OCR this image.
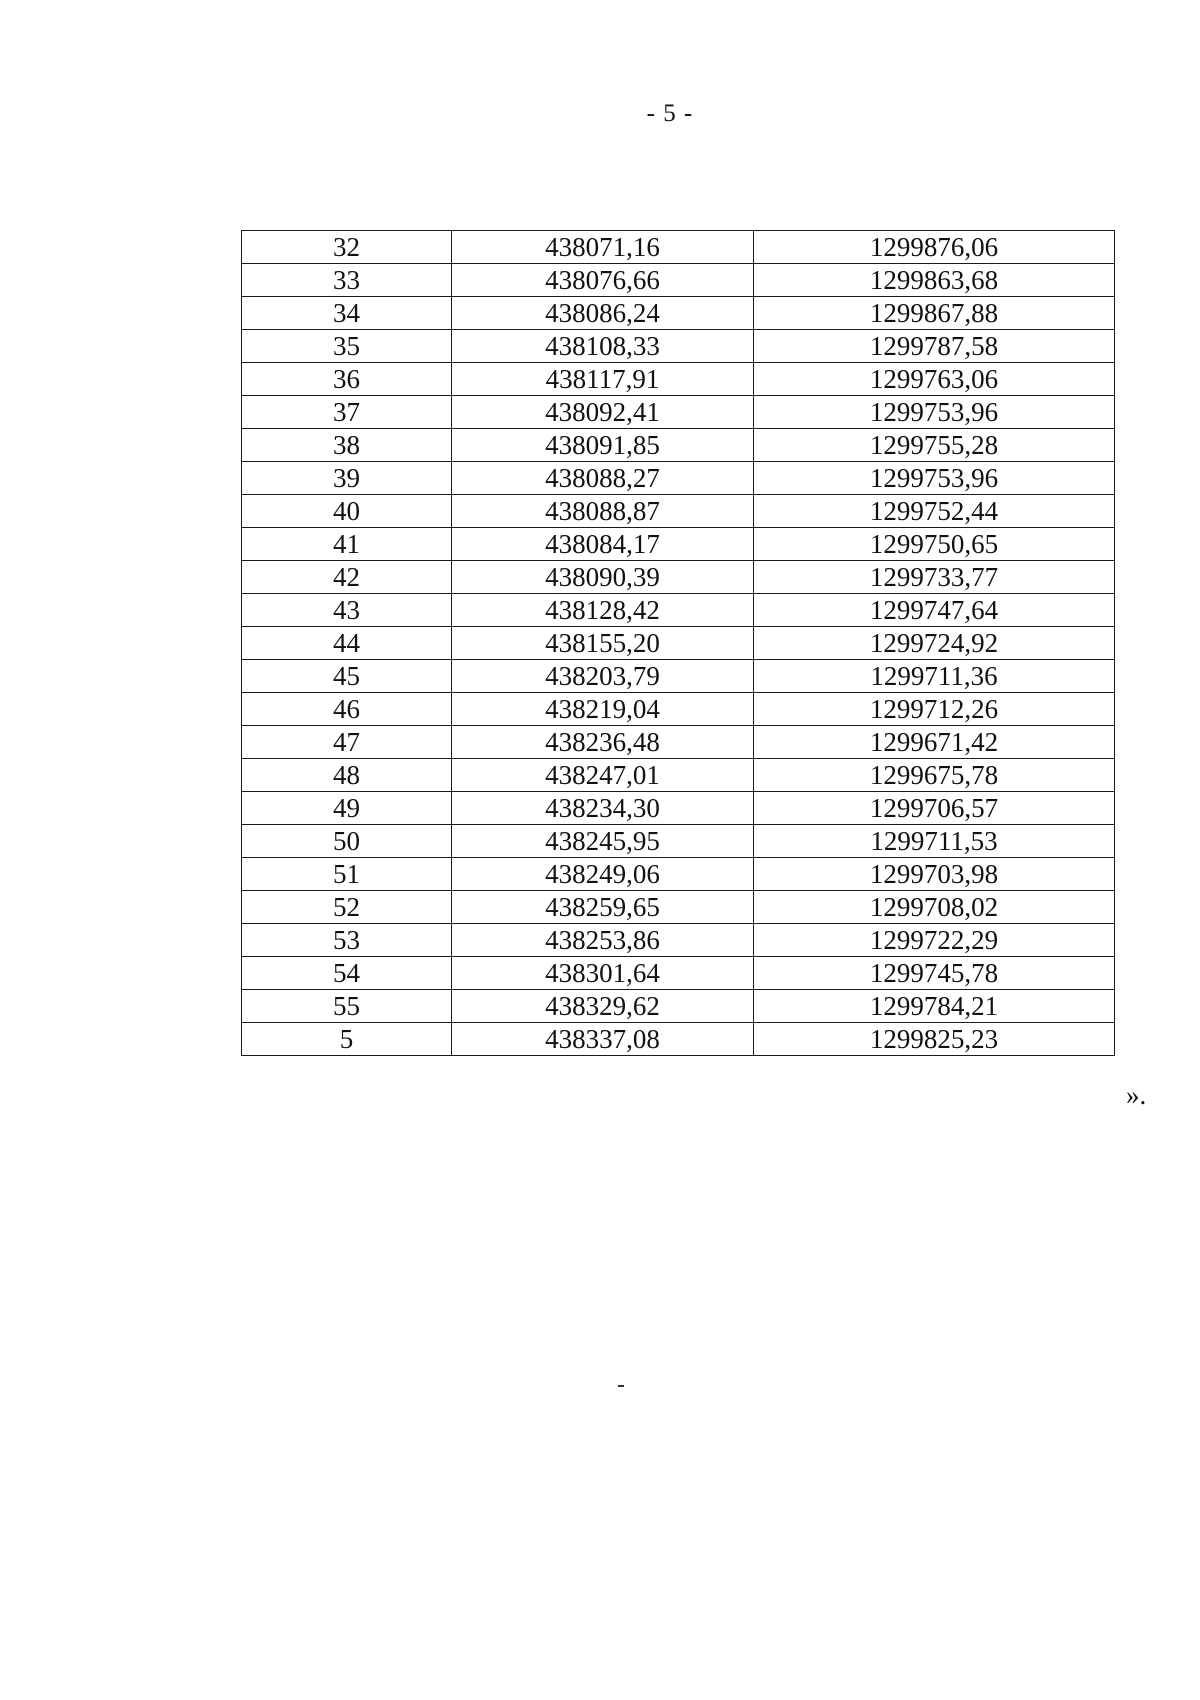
- 5 -
32	438071,16	1299876,06
33	438076,66	1299863,68
34	438086,24	1299867,88
35	438108,33	1299787,58
36	438117,91	1299763,06
37	438092,41	1299753,96
38	438091,85	1299755,28
39	438088,27	1299753,96
40	438088,87	1299752,44
41	438084,17	1299750,65
42	438090,39	1299733,77
43	438128,42	1299747,64
44	438155,20	1299724,92
45	438203,79	1299711,36
46	438219,04	1299712,26
47	438236,48	1299671,42
48	438247,01	1299675,78
49	438234,30	1299706,57
50	438245,95	1299711,53
51	438249,06	1299703,98
52	438259,65	1299708,02
53	438253,86	1299722,29
54	438301,64	1299745,78
55	438329,62	1299784,21
5	438337,08	1299825,23
».
